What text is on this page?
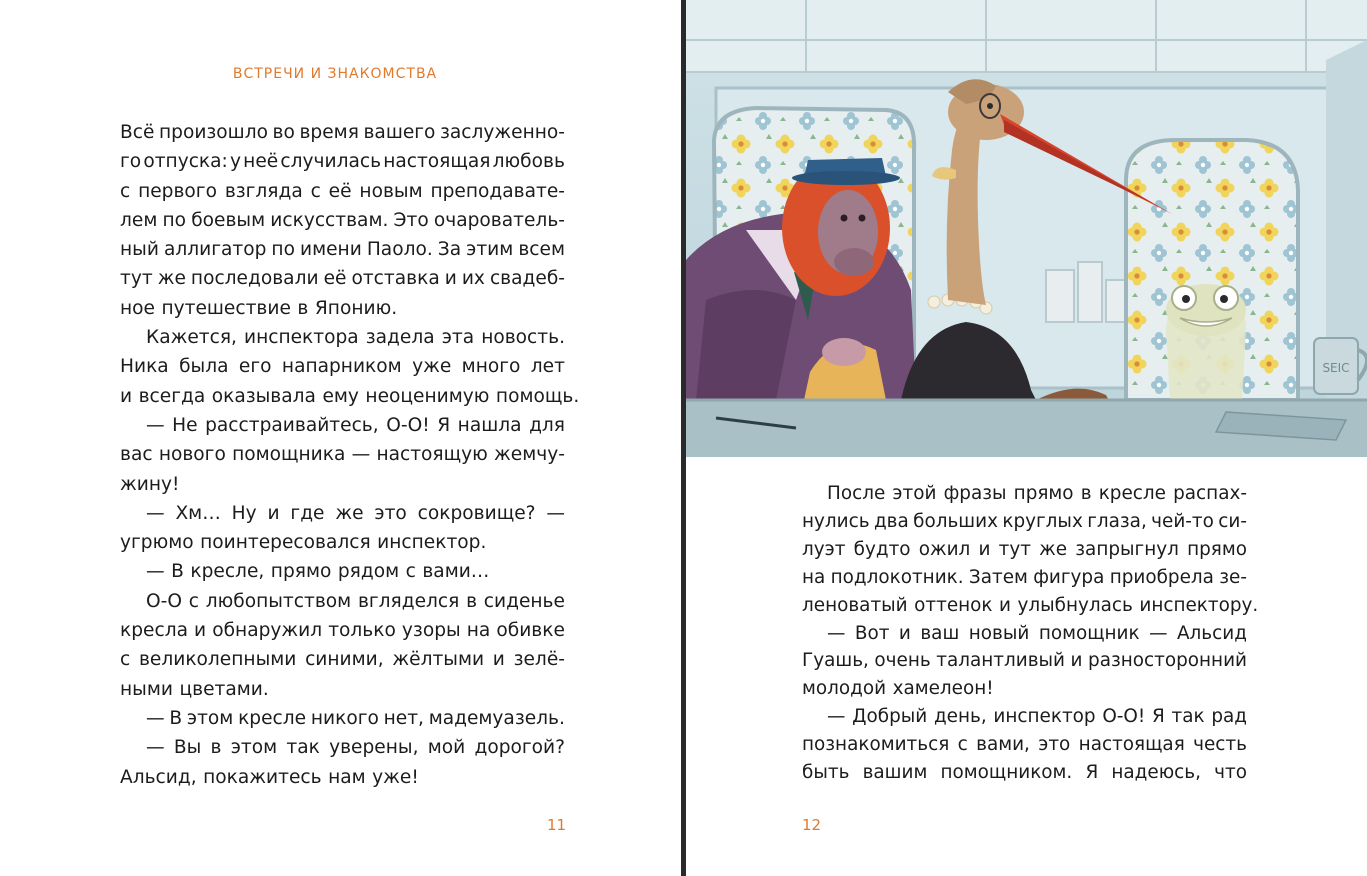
ВСТРЕЧИ И ЗНАКОМСТВА
Всё произошло во время вашего заслуженно-
го отпуска: у неё случилась настоящая любовь
с первого взгляда с её новым преподавате-
лем по боевым искусствам. Это очарователь-
ный аллигатор по имени Паоло. За этим всем
тут же последовали её отставка и их свадеб-
ное путешествие в Японию.
Кажется, инспектора задела эта новость.
Ника была его напарником уже много лет
и всегда оказывала ему неоценимую помощь.
— Не расстраивайтесь, О-О! Я нашла для
вас нового помощника — настоящую жемчу-
жину!
— Хм… Ну и где же это сокровище? —
угрюмо поинтересовался инспектор.
— В кресле, прямо рядом с вами…
О-О с любопытством вгляделся в сиденье
кресла и обнаружил только узоры на обивке
с великолепными синими, жёлтыми и зелё-
ными цветами.
— В этом кресле никого нет, мадемуазель.
— Вы в этом так уверены, мой дорогой?
Альсид, покажитесь нам уже!
11
После этой фразы прямо в кресле распах-
нулись два больших круглых глаза, чей-то си-
луэт будто ожил и тут же запрыгнул прямо
на подлокотник. Затем фигура приобрела зе-
леноватый оттенок и улыбнулась инспектору.
— Вот и ваш новый помощник — Альсид
Гуашь, очень талантливый и разносторонний
молодой хамелеон!
— Добрый день, инспектор О-О! Я так рад
познакомиться с вами, это настоящая честь
быть вашим помощником. Я надеюсь, что
12
SEIC
